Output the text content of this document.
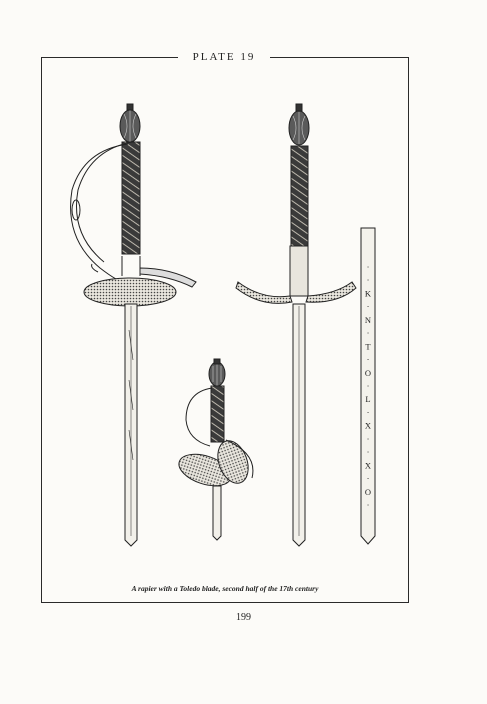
PLATE 19
·
·
K
·
N
·
T
·
O
·
L
·
X
·
·
X
·
O
·
A rapier with a Toledo blade, second half of the 17th century
199
